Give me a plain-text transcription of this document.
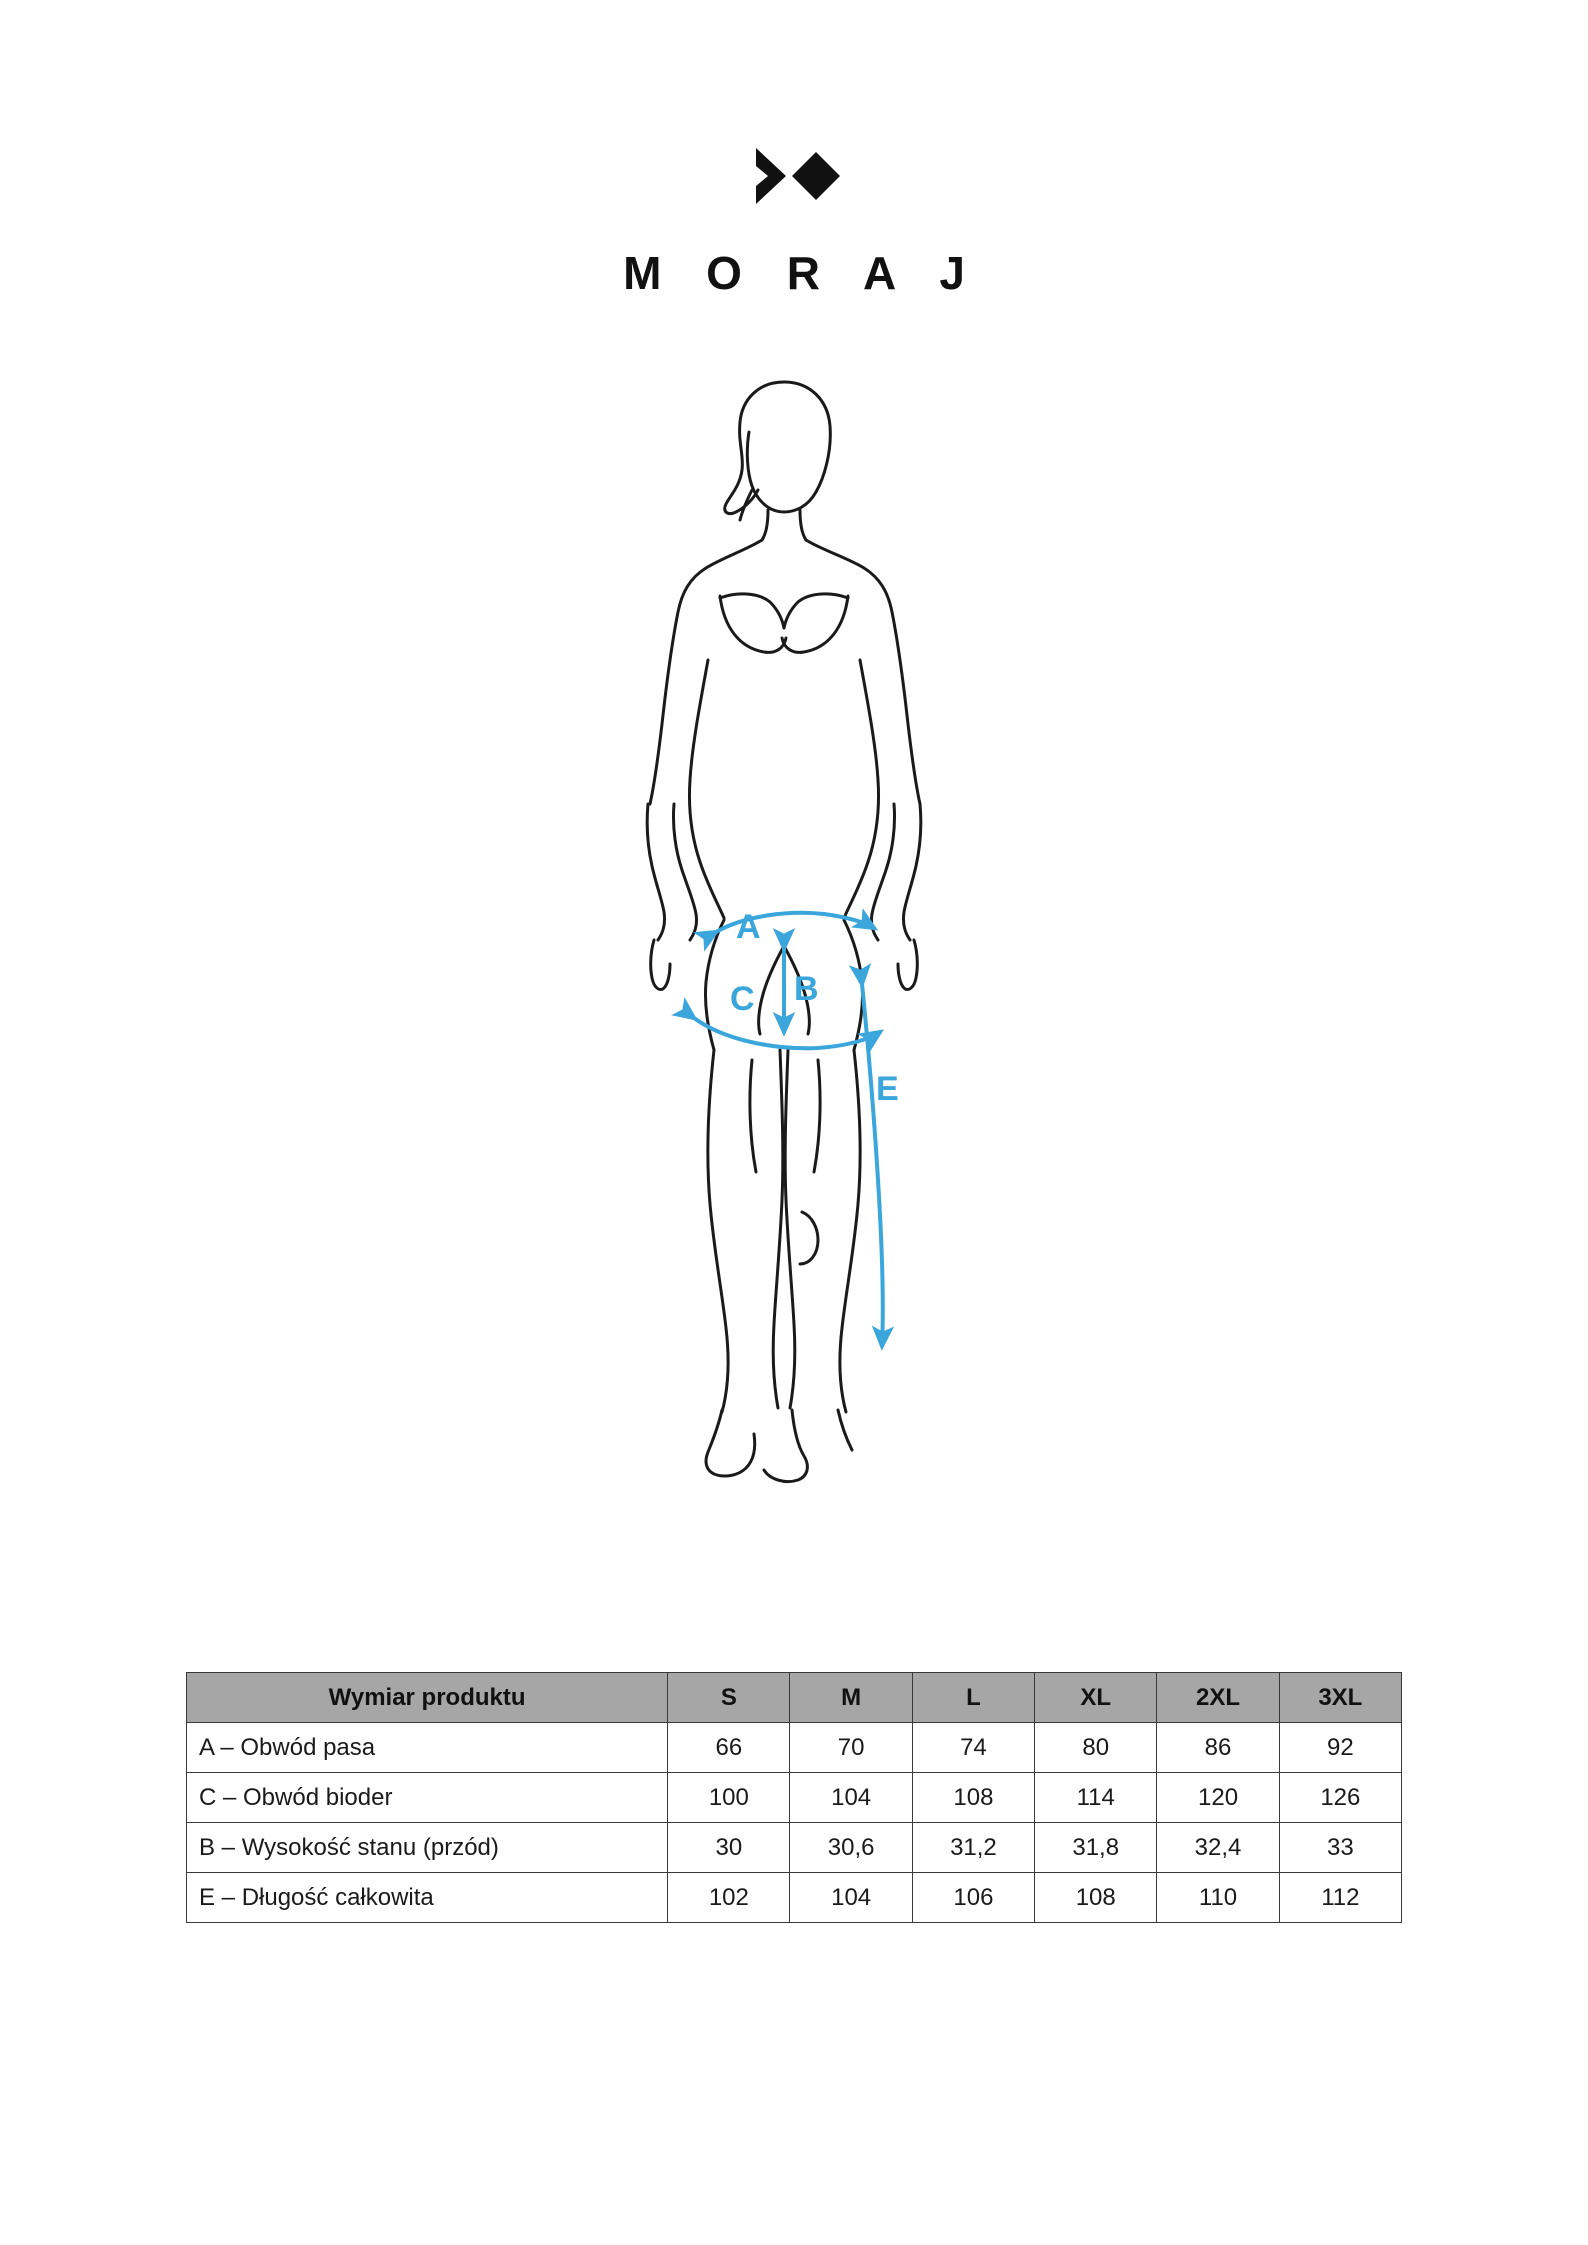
M O R A J
A
B
C
E
Wymiar produktu	S	M	L	XL	2XL	3XL
A – Obwód pasa	66	70	74	80	86	92
C – Obwód bioder	100	104	108	114	120	126
B – Wysokość stanu (przód)	30	30,6	31,2	31,8	32,4	33
E – Długość całkowita	102	104	106	108	110	112
